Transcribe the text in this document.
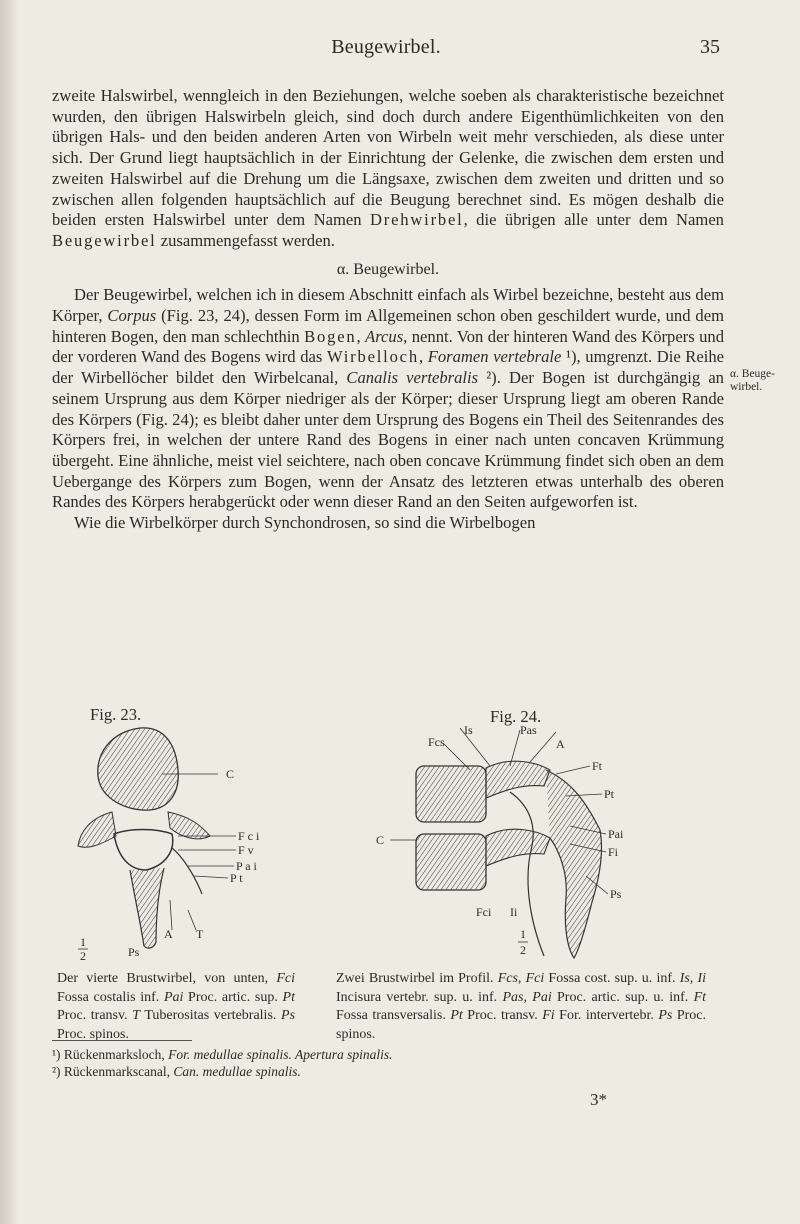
Beugewirbel.	35

zweite Halswirbel, wenngleich in den Beziehungen, welche soeben als charakteristische bezeichnet wurden, den übrigen Halswirbeln gleich, sind doch durch andere Eigenthümlichkeiten von den übrigen Hals- und den beiden anderen Arten von Wirbeln weit mehr verschieden, als diese unter sich. Der Grund liegt hauptsächlich in der Einrichtung der Gelenke, die zwischen dem ersten und zweiten Halswirbel auf die Drehung um die Längsaxe, zwischen dem zweiten und dritten und so zwischen allen folgenden hauptsächlich auf die Beugung berechnet sind. Es mögen deshalb die beiden ersten Halswirbel unter dem Namen Drehwirbel, die übrigen alle unter dem Namen Beugewirbel zusammengefasst werden.

α. Beugewirbel.

Der Beugewirbel, welchen ich in diesem Abschnitt einfach als Wirbel bezeichne, besteht aus dem Körper, Corpus (Fig. 23, 24), dessen Form im Allgemeinen schon oben geschildert wurde, und dem hinteren Bogen, den man schlechthin Bogen, Arcus, nennt. Von der hinteren Wand des Körpers und der vorderen Wand des Bogens wird das Wirbelloch, Foramen vertebrale ¹), umgrenzt. Die Reihe der Wirbellöcher bildet den Wirbelcanal, Canalis vertebralis ²). Der Bogen ist durchgängig an seinem Ursprung aus dem Körper niedriger als der Körper; dieser Ursprung liegt am oberen Rande des Körpers (Fig. 24); es bleibt daher unter dem Ursprung des Bogens ein Theil des Seitenrandes des Körpers frei, in welchen der untere Rand des Bogens in einer nach unten concaven Krümmung übergeht. Eine ähnliche, meist viel seichtere, nach oben concave Krümmung findet sich oben an dem Uebergange des Körpers zum Bogen, wenn der Ansatz des letzteren etwas unterhalb des oberen Randes des Körpers herabgerückt oder wenn dieser Rand an den Seiten aufgeworfen ist.

Wie die Wirbelkörper durch Synchondrosen, so sind die Wirbelbogen

α. Beuge-
wirbel.
Fig. 23.
C
F c i
F v
P a i
P t
T
A
Ps
1
2
Der vierte Brustwirbel, von unten, Fci Fossa costalis inf. Pai Proc. artic. sup. Pt Proc. transv. T Tuberositas vertebralis. Ps Proc. spinos.
Fig. 24.
Fcs
Is	Pas
A
Ft
Pt
Pai
Fi
Ps
C
Fci Ii
1
2
Zwei Brustwirbel im Profil. Fcs, Fci Fossa cost. sup. u. inf. Is, Ii Incisura vertebr. sup. u. inf. Pas, Pai Proc. artic. sup. u. inf. Ft Fossa transversalis. Pt Proc. transv. Fi For. intervertebr. Ps Proc. spinos.
¹) Rückenmarksloch, For. medullae spinalis. Apertura spinalis.
²) Rückenmarkscanal, Can. medullae spinalis.
3*
